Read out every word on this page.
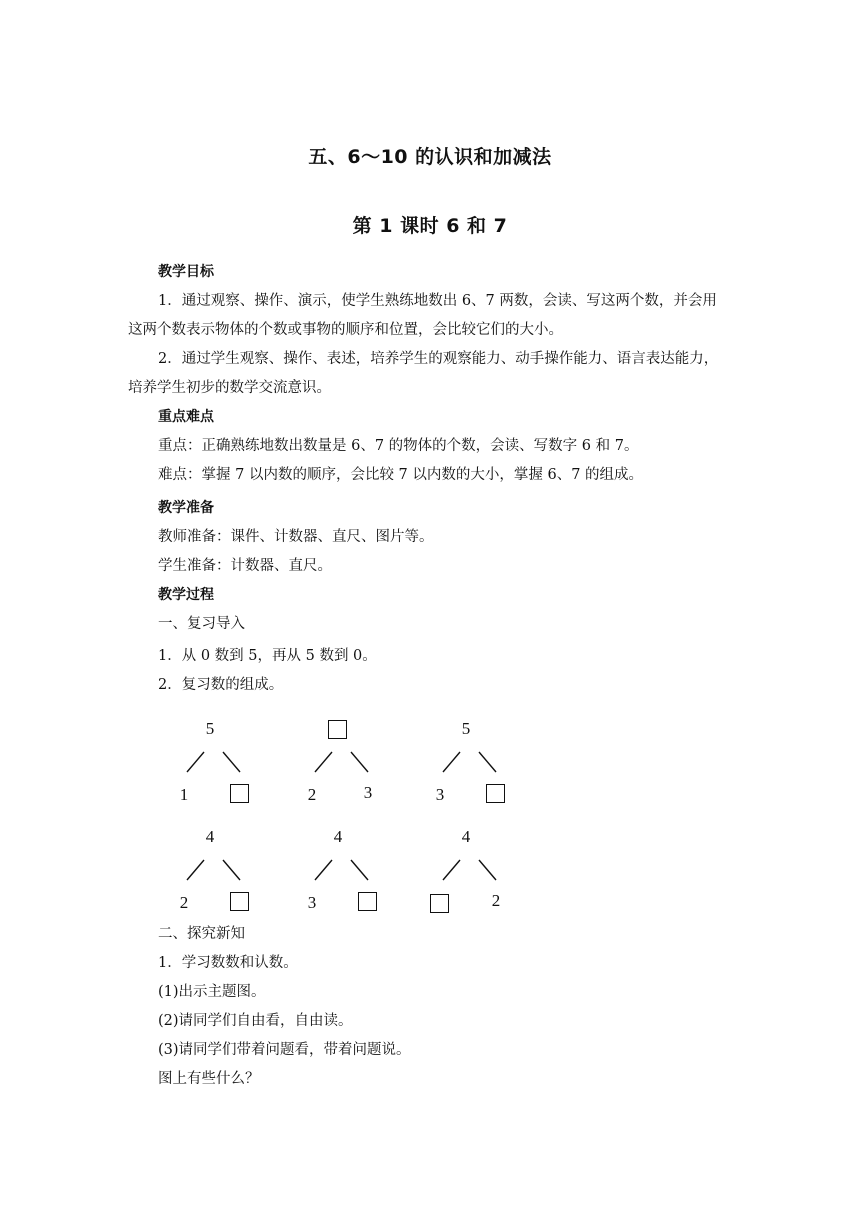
五、6～10 的认识和加减法
第 1 课时 6 和 7
教学目标
1．通过观察、操作、演示，使学生熟练地数出 6、7 两数，会读、写这两个数，并会用
这两个数表示物体的个数或事物的顺序和位置，会比较它们的大小。
2．通过学生观察、操作、表述，培养学生的观察能力、动手操作能力、语言表达能力，
培养学生初步的数学交流意识。
重点难点
重点：正确熟练地数出数量是 6、7 的物体的个数，会读、写数字 6 和 7。
难点：掌握 7 以内数的顺序，会比较 7 以内数的大小，掌握 6、7 的组成。
教学准备
教师准备：课件、计数器、直尺、图片等。
学生准备：计数器、直尺。
教学过程
一、复习导入
1．从 0 数到 5，再从 5 数到 0。
2．复习数的组成。
5
1	2	3
5
3
4
2
4
3
4
2
二、探究新知
1．学习数数和认数。
(1)出示主题图。
(2)请同学们自由看，自由读。
(3)请同学们带着问题看，带着问题说。
图上有些什么？
